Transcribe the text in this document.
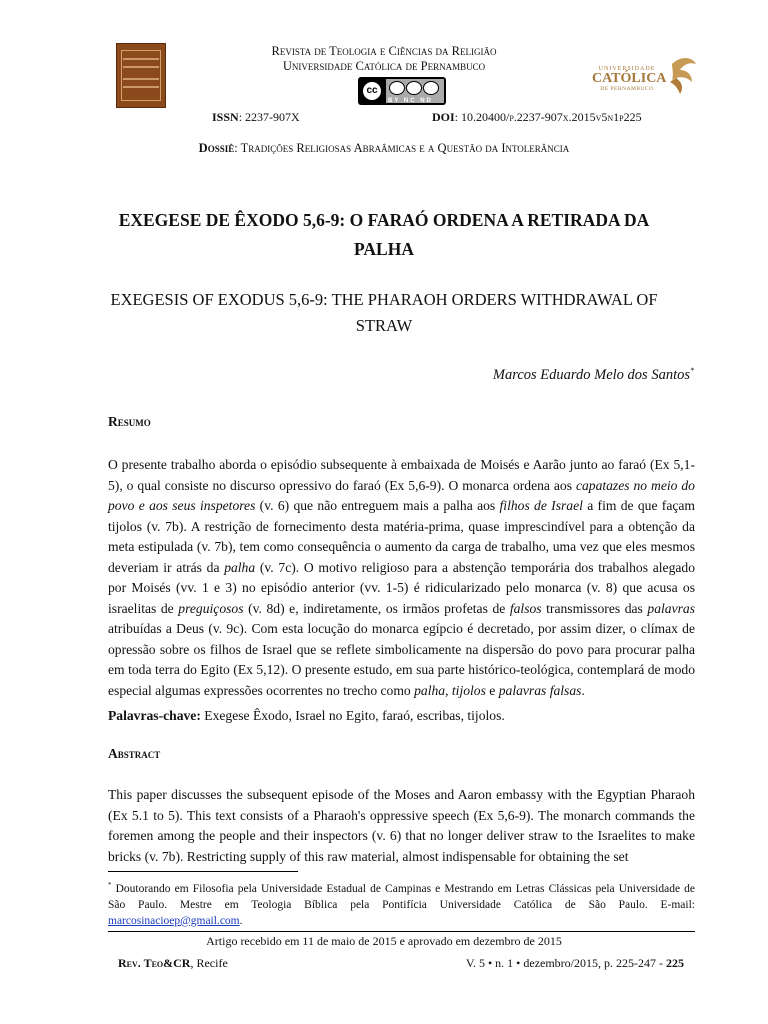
Revista de Teologia e Ciências da Religião
Universidade Católica de Pernambuco
cc
BY NC ND
UNIVERSIDADE
CATÓLICA
DE PERNAMBUCO
ISSN: 2237-907X	DOI: 10.20400/p.2237-907x.2015v5n1p225
Dossiê: Tradições Religiosas Abraâmicas e a Questão da Intolerância
EXEGESE DE ÊXODO 5,6-9: O FARAÓ ORDENA A RETIRADA DA PALHA
EXEGESIS OF EXODUS 5,6-9: THE PHARAOH ORDERS WITHDRAWAL OF STRAW
Marcos Eduardo Melo dos Santos*
Resumo
O presente trabalho aborda o episódio subsequente à embaixada de Moisés e Aarão junto ao faraó (Ex 5,1-5), o qual consiste no discurso opressivo do faraó (Ex 5,6-9). O monarca ordena aos capatazes no meio do povo e aos seus inspetores (v. 6) que não entreguem mais a palha aos filhos de Israel a fim de que façam tijolos (v. 7b). A restrição de fornecimento desta matéria-prima, quase imprescindível para a obtenção da meta estipulada (v. 7b), tem como consequência o aumento da carga de trabalho, uma vez que eles mesmos deveriam ir atrás da palha (v. 7c). O motivo religioso para a abstenção temporária dos trabalhos alegado por Moisés (vv. 1 e 3) no episódio anterior (vv. 1-5) é ridicularizado pelo monarca (v. 8) que acusa os israelitas de preguiçosos (v. 8d) e, indiretamente, os irmãos profetas de falsos transmissores das palavras atribuídas a Deus (v. 9c). Com esta locução do monarca egípcio é decretado, por assim dizer, o clímax de opressão sobre os filhos de Israel que se reflete simbolicamente na dispersão do povo para procurar palha em toda terra do Egito (Ex 5,12). O presente estudo, em sua parte histórico-teológica, contemplará de modo especial algumas expressões ocorrentes no trecho como palha, tijolos e palavras falsas.
Palavras-chave: Exegese Êxodo, Israel no Egito, faraó, escribas, tijolos.
Abstract
This paper discusses the subsequent episode of the Moses and Aaron embassy with the Egyptian Pharaoh (Ex 5.1 to 5). This text consists of a Pharaoh's oppressive speech (Ex 5,6-9). The monarch commands the foremen among the people and their inspectors (v. 6) that no longer deliver straw to the Israelites to make bricks (v. 7b). Restricting supply of this raw material, almost indispensable for obtaining the set
* Doutorando em Filosofia pela Universidade Estadual de Campinas e Mestrando em Letras Clássicas pela Universidade de São Paulo. Mestre em Teologia Bíblica pela Pontifícia Universidade Católica de São Paulo. E-mail: marcosinacioep@gmail.com.
Artigo recebido em 11 de maio de 2015 e aprovado em dezembro de 2015
Rev. Teo&CR, Recife	V. 5 • n. 1 • dezembro/2015, p. 225-247 - 225
